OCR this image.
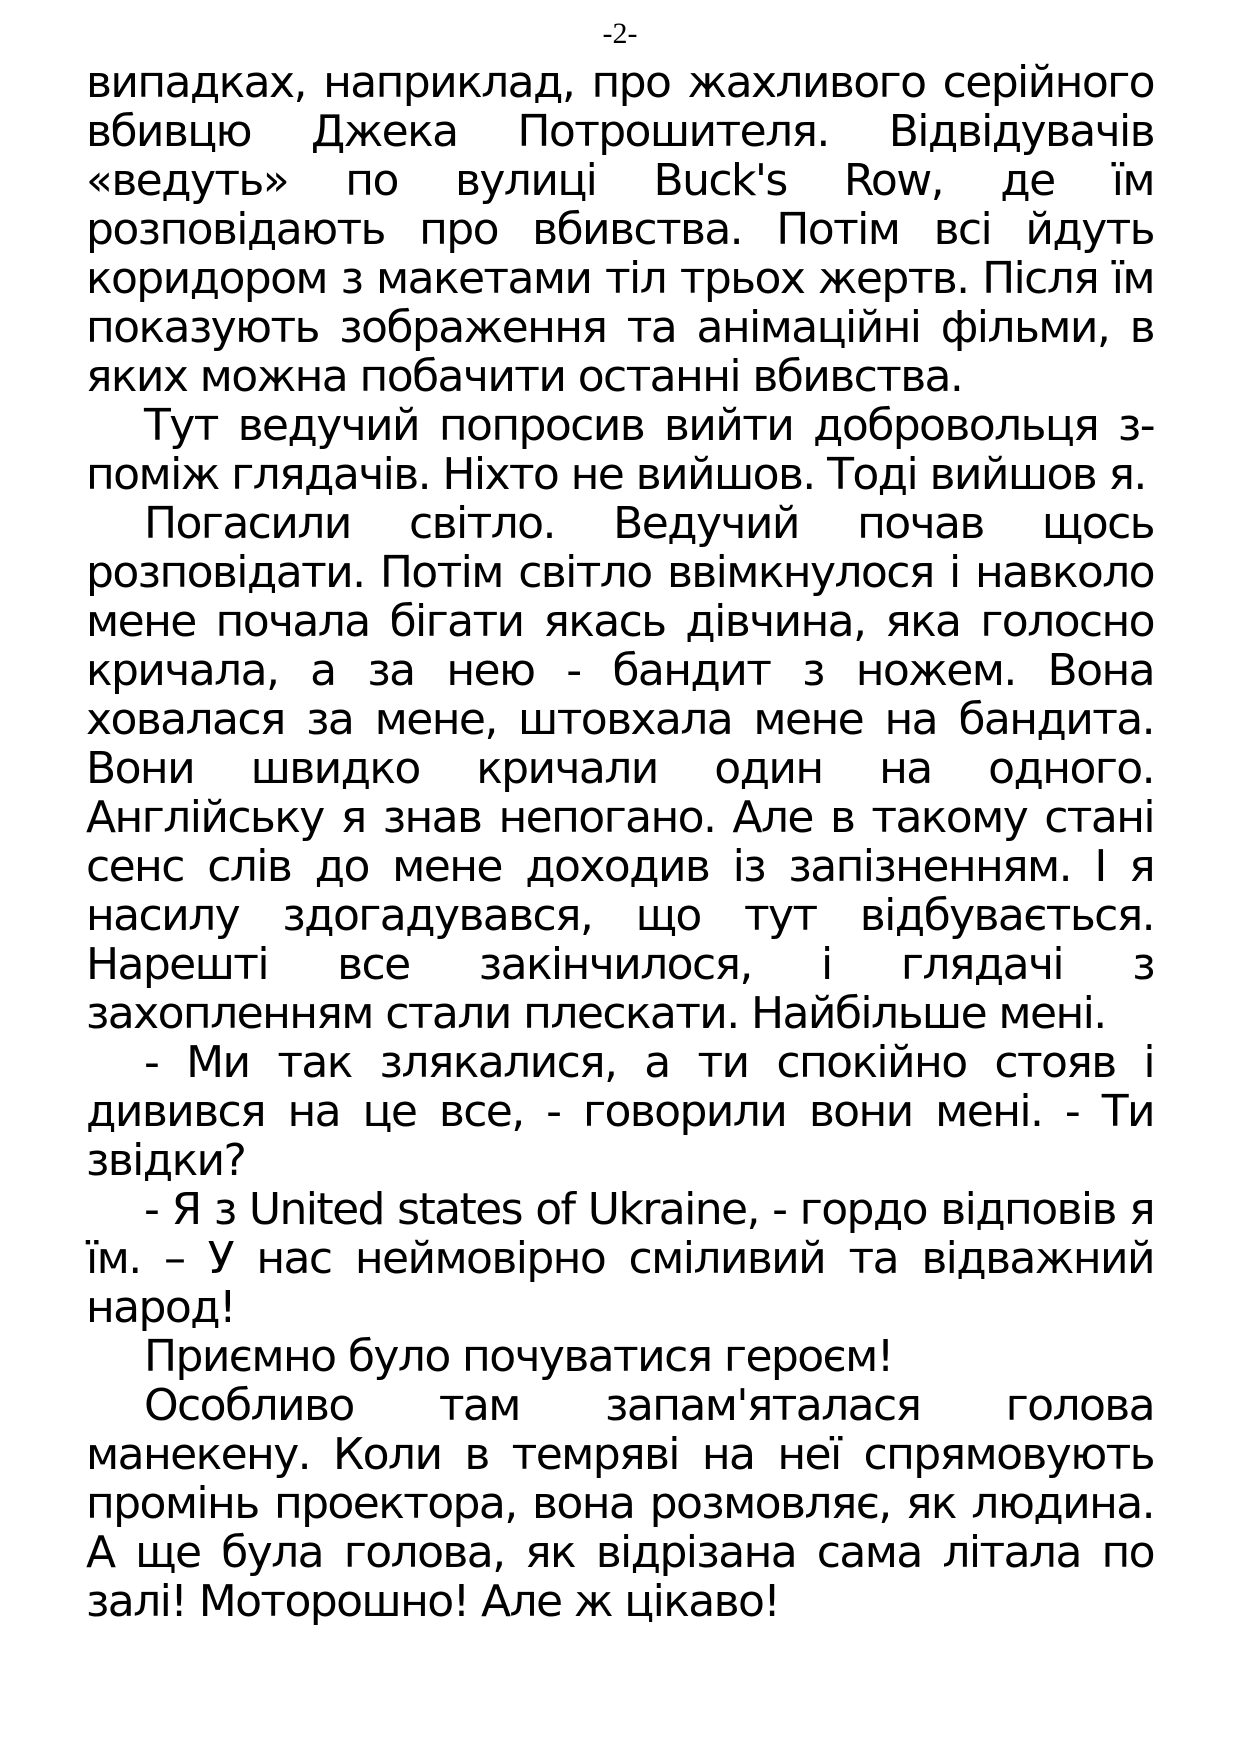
-2-

випадках, наприклад, про жахливого серійного вбивцю Джека Потрошителя. Відвідувачів «ведуть» по вулиці Buck's Row, де їм розповідають про вбивства. Потім всі йдуть коридором з макетами тіл трьох жертв. Після їм показують зображення та анімаційні фільми, в яких можна побачити останні вбивства.

Тут ведучий попросив вийти добровольця з-поміж глядачів. Ніхто не вийшов. Тоді вийшов я.

Погасили світло. Ведучий почав щось розповідати. Потім світло ввімкнулося і навколо мене почала бігати якась дівчина, яка голосно кричала, а за нею - бандит з ножем. Вона ховалася за мене, штовхала мене на бандита. Вони швидко кричали один на одного. Англійську я знав непогано. Але в такому стані сенс слів до мене доходив із запізненням. І я насилу здогадувався, що тут відбувається. Нарешті все закінчилося, і глядачі з захопленням стали плескати. Найбільше мені.

- Ми так злякалися, а ти спокійно стояв і дивився на це все, - говорили вони мені. - Ти звідки?

- Я з United states of Ukraine, - гордо відповів я їм. – У нас неймовірно сміливий та відважний народ!

Приємно було почуватися героєм!

Особливо там запам'яталася голова манекену. Коли в темряві на неї спрямовують промінь проектора, вона розмовляє, як людина. А ще була голова, як відрізана сама літала по залі! Моторошно! Але ж цікаво!
